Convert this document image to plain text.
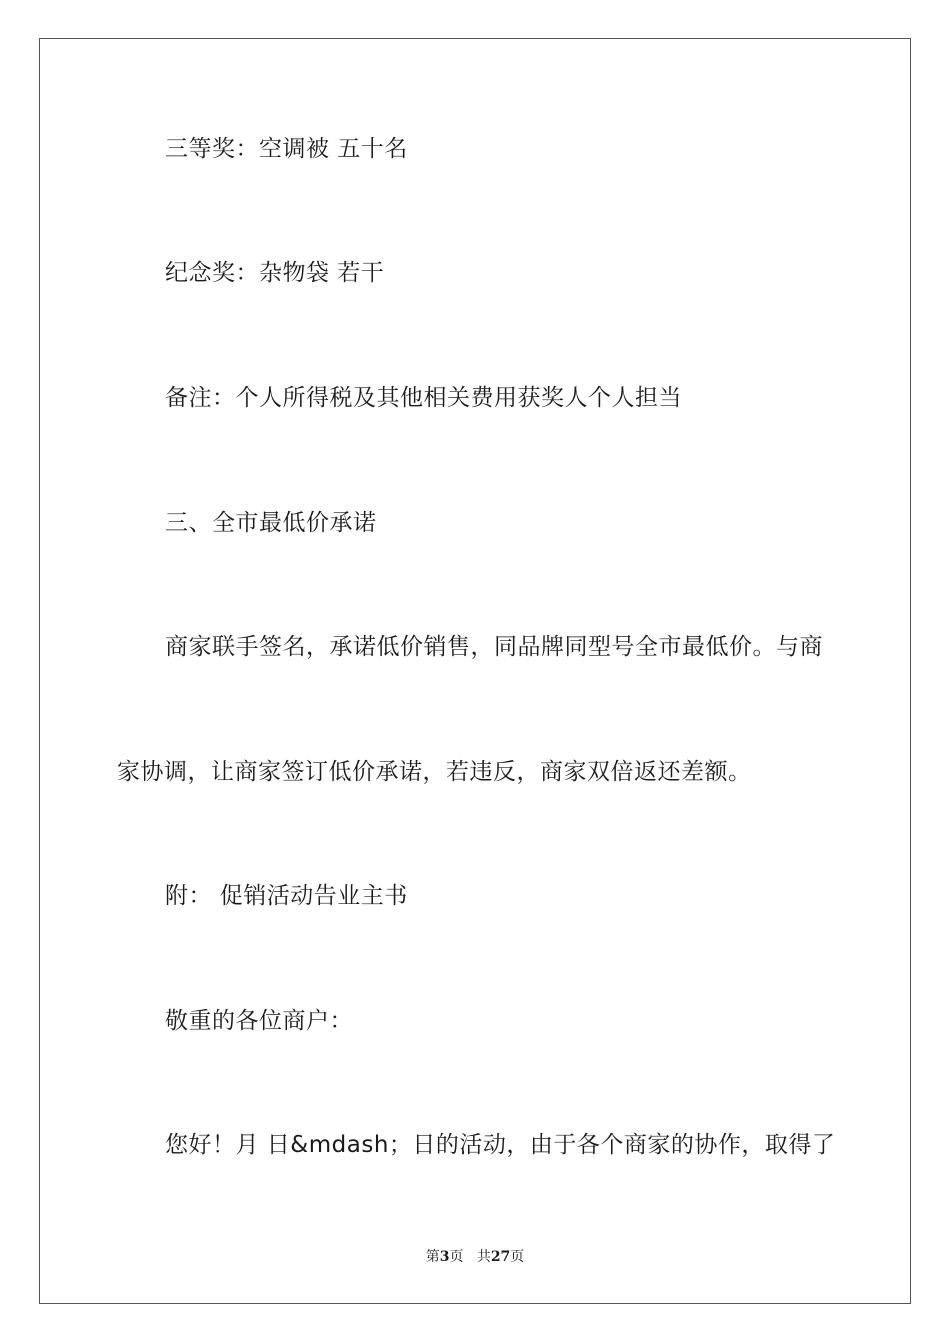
三等奖：空调被 五十名
纪念奖：杂物袋 若干
备注：个人所得税及其他相关费用获奖人个人担当
三、全市最低价承诺
商家联手签名，承诺低价销售，同品牌同型号全市最低价。与商
家协调，让商家签订低价承诺，若违反，商家双倍返还差额。
附： 促销活动告业主书
敬重的各位商户：
您好！月 日&mdash；日的活动，由于各个商家的协作，取得了
第3页 共27页
